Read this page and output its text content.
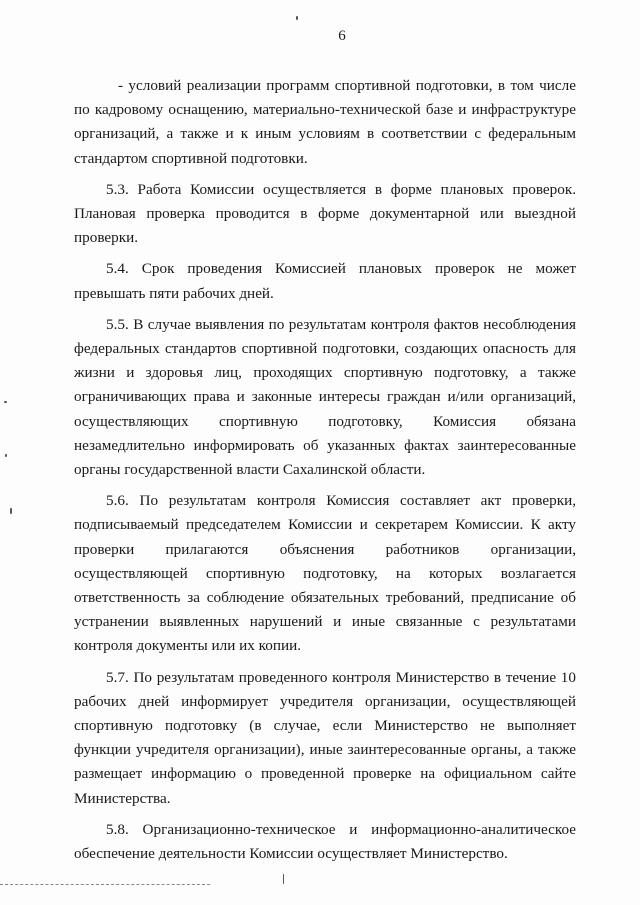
6

- условий реализации программ спортивной подготовки, в том числе по кадровому оснащению, материально-технической базе и инфраструктуре организаций, а также и к иным условиям в соответствии с федеральным стандартом спортивной подготовки.

5.3. Работа Комиссии осуществляется в форме плановых проверок. Плановая проверка проводится в форме документарной или выездной проверки.

5.4. Срок проведения Комиссией плановых проверок не может превышать пяти рабочих дней.

5.5. В случае выявления по результатам контроля фактов несоблюдения федеральных стандартов спортивной подготовки, создающих опасность для жизни и здоровья лиц, проходящих спортивную подготовку, а также ограничивающих права и законные интересы граждан и/или организаций, осуществляющих спортивную подготовку, Комиссия обязана незамедлительно информировать об указанных фактах заинтересованные органы государственной власти Сахалинской области.

5.6. По результатам контроля Комиссия составляет акт проверки, подписываемый председателем Комиссии и секретарем Комиссии. К акту проверки прилагаются объяснения работников организации, осуществляющей спортивную подготовку, на которых возлагается ответственность за соблюдение обязательных требований, предписание об устранении выявленных нарушений и иные связанные с результатами контроля документы или их копии.

5.7. По результатам проведенного контроля Министерство в течение 10 рабочих дней информирует учредителя организации, осуществляющей спортивную подготовку (в случае, если Министерство не выполняет функции учредителя организации), иные заинтересованные органы, а также размещает информацию о проведенной проверке на официальном сайте Министерства.

5.8. Организационно-техническое и информационно-аналитическое обеспечение деятельности Комиссии осуществляет Министерство.
